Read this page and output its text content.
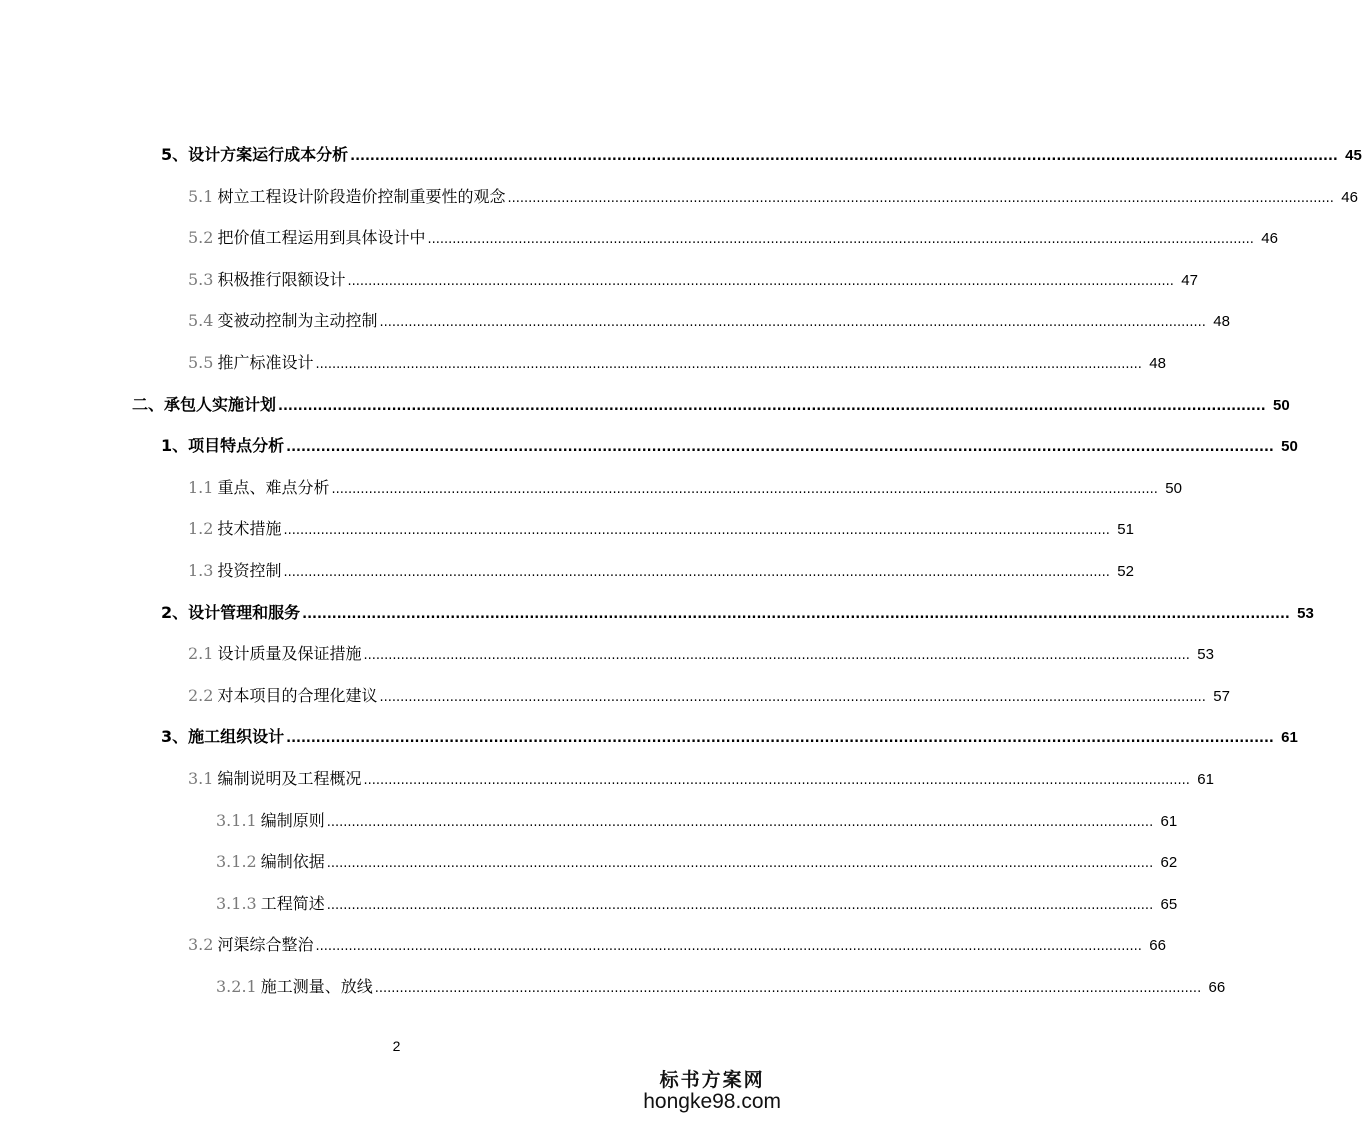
5、 设计方案运行成本分析 ........................................................................................................................................................................................................ 45
5.1 树立工程设计阶段造价控制重要性的观念 ........................................................................................................................................................................................................ 46
5.2 把价值工程运用到具体设计中 ........................................................................................................................................................................................................ 46
5.3 积极推行限额设计 ........................................................................................................................................................................................................ 47
5.4 变被动控制为主动控制 ........................................................................................................................................................................................................ 48
5.5 推广标准设计 ........................................................................................................................................................................................................ 48
二、承包人实施计划 ........................................................................................................................................................................................................ 50
1、 项目特点分析 ........................................................................................................................................................................................................ 50
1.1 重点、难点分析 ........................................................................................................................................................................................................ 50
1.2 技术措施 ........................................................................................................................................................................................................ 51
1.3 投资控制 ........................................................................................................................................................................................................ 52
2、 设计管理和服务 ........................................................................................................................................................................................................ 53
2.1 设计质量及保证措施 ........................................................................................................................................................................................................ 53
2.2 对本项目的合理化建议 ........................................................................................................................................................................................................ 57
3、 施工组织设计 ........................................................................................................................................................................................................ 61
3.1 编制说明及工程概况 ........................................................................................................................................................................................................ 61
3.1.1 编制原则 ........................................................................................................................................................................................................ 61
3.1.2 编制依据 ........................................................................................................................................................................................................ 62
3.1.3 工程简述 ........................................................................................................................................................................................................ 65
3.2 河渠综合整治 ........................................................................................................................................................................................................ 66
3.2.1 施工测量、放线 ........................................................................................................................................................................................................ 66
2
标书方案网
hongke98.com
